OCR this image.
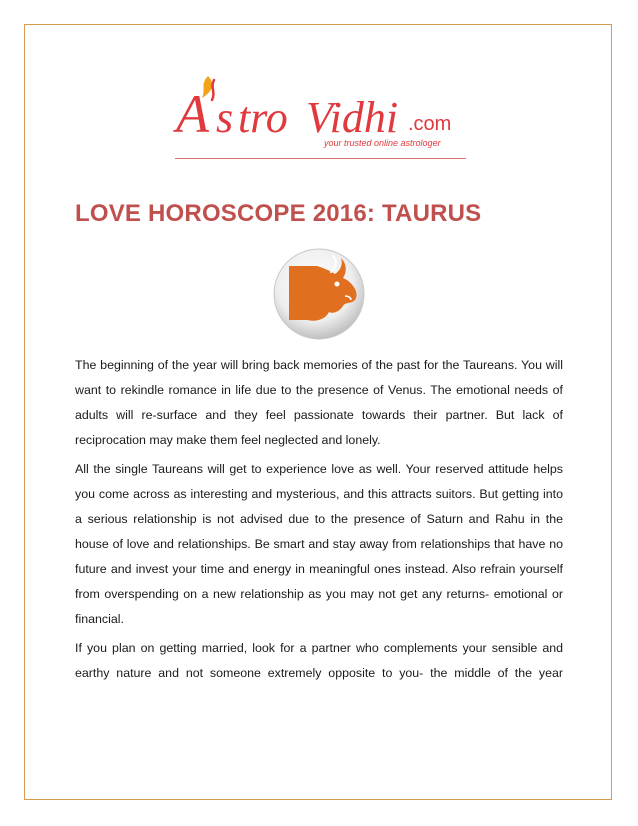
A s tro Vidhi .com
your trusted online astrologer
LOVE HOROSCOPE 2016: TAURUS

The beginning of the year will bring back memories of the past for the Taureans. You will want to rekindle romance in life due to the presence of Venus. The emotional needs of adults will re-surface and they feel passionate towards their partner. But lack of reciprocation may make them feel neglected and lonely.

All the single Taureans will get to experience love as well. Your reserved attitude helps you come across as interesting and mysterious, and this attracts suitors. But getting into a serious relationship is not advised due to the presence of Saturn and Rahu in the house of love and relationships. Be smart and stay away from relationships that have no future and invest your time and energy in meaningful ones instead. Also refrain yourself from overspending on a new relationship as you may not get any returns- emotional or financial.

If you plan on getting married, look for a partner who complements your sensible and earthy nature and not someone extremely opposite to you- the middle of the year
